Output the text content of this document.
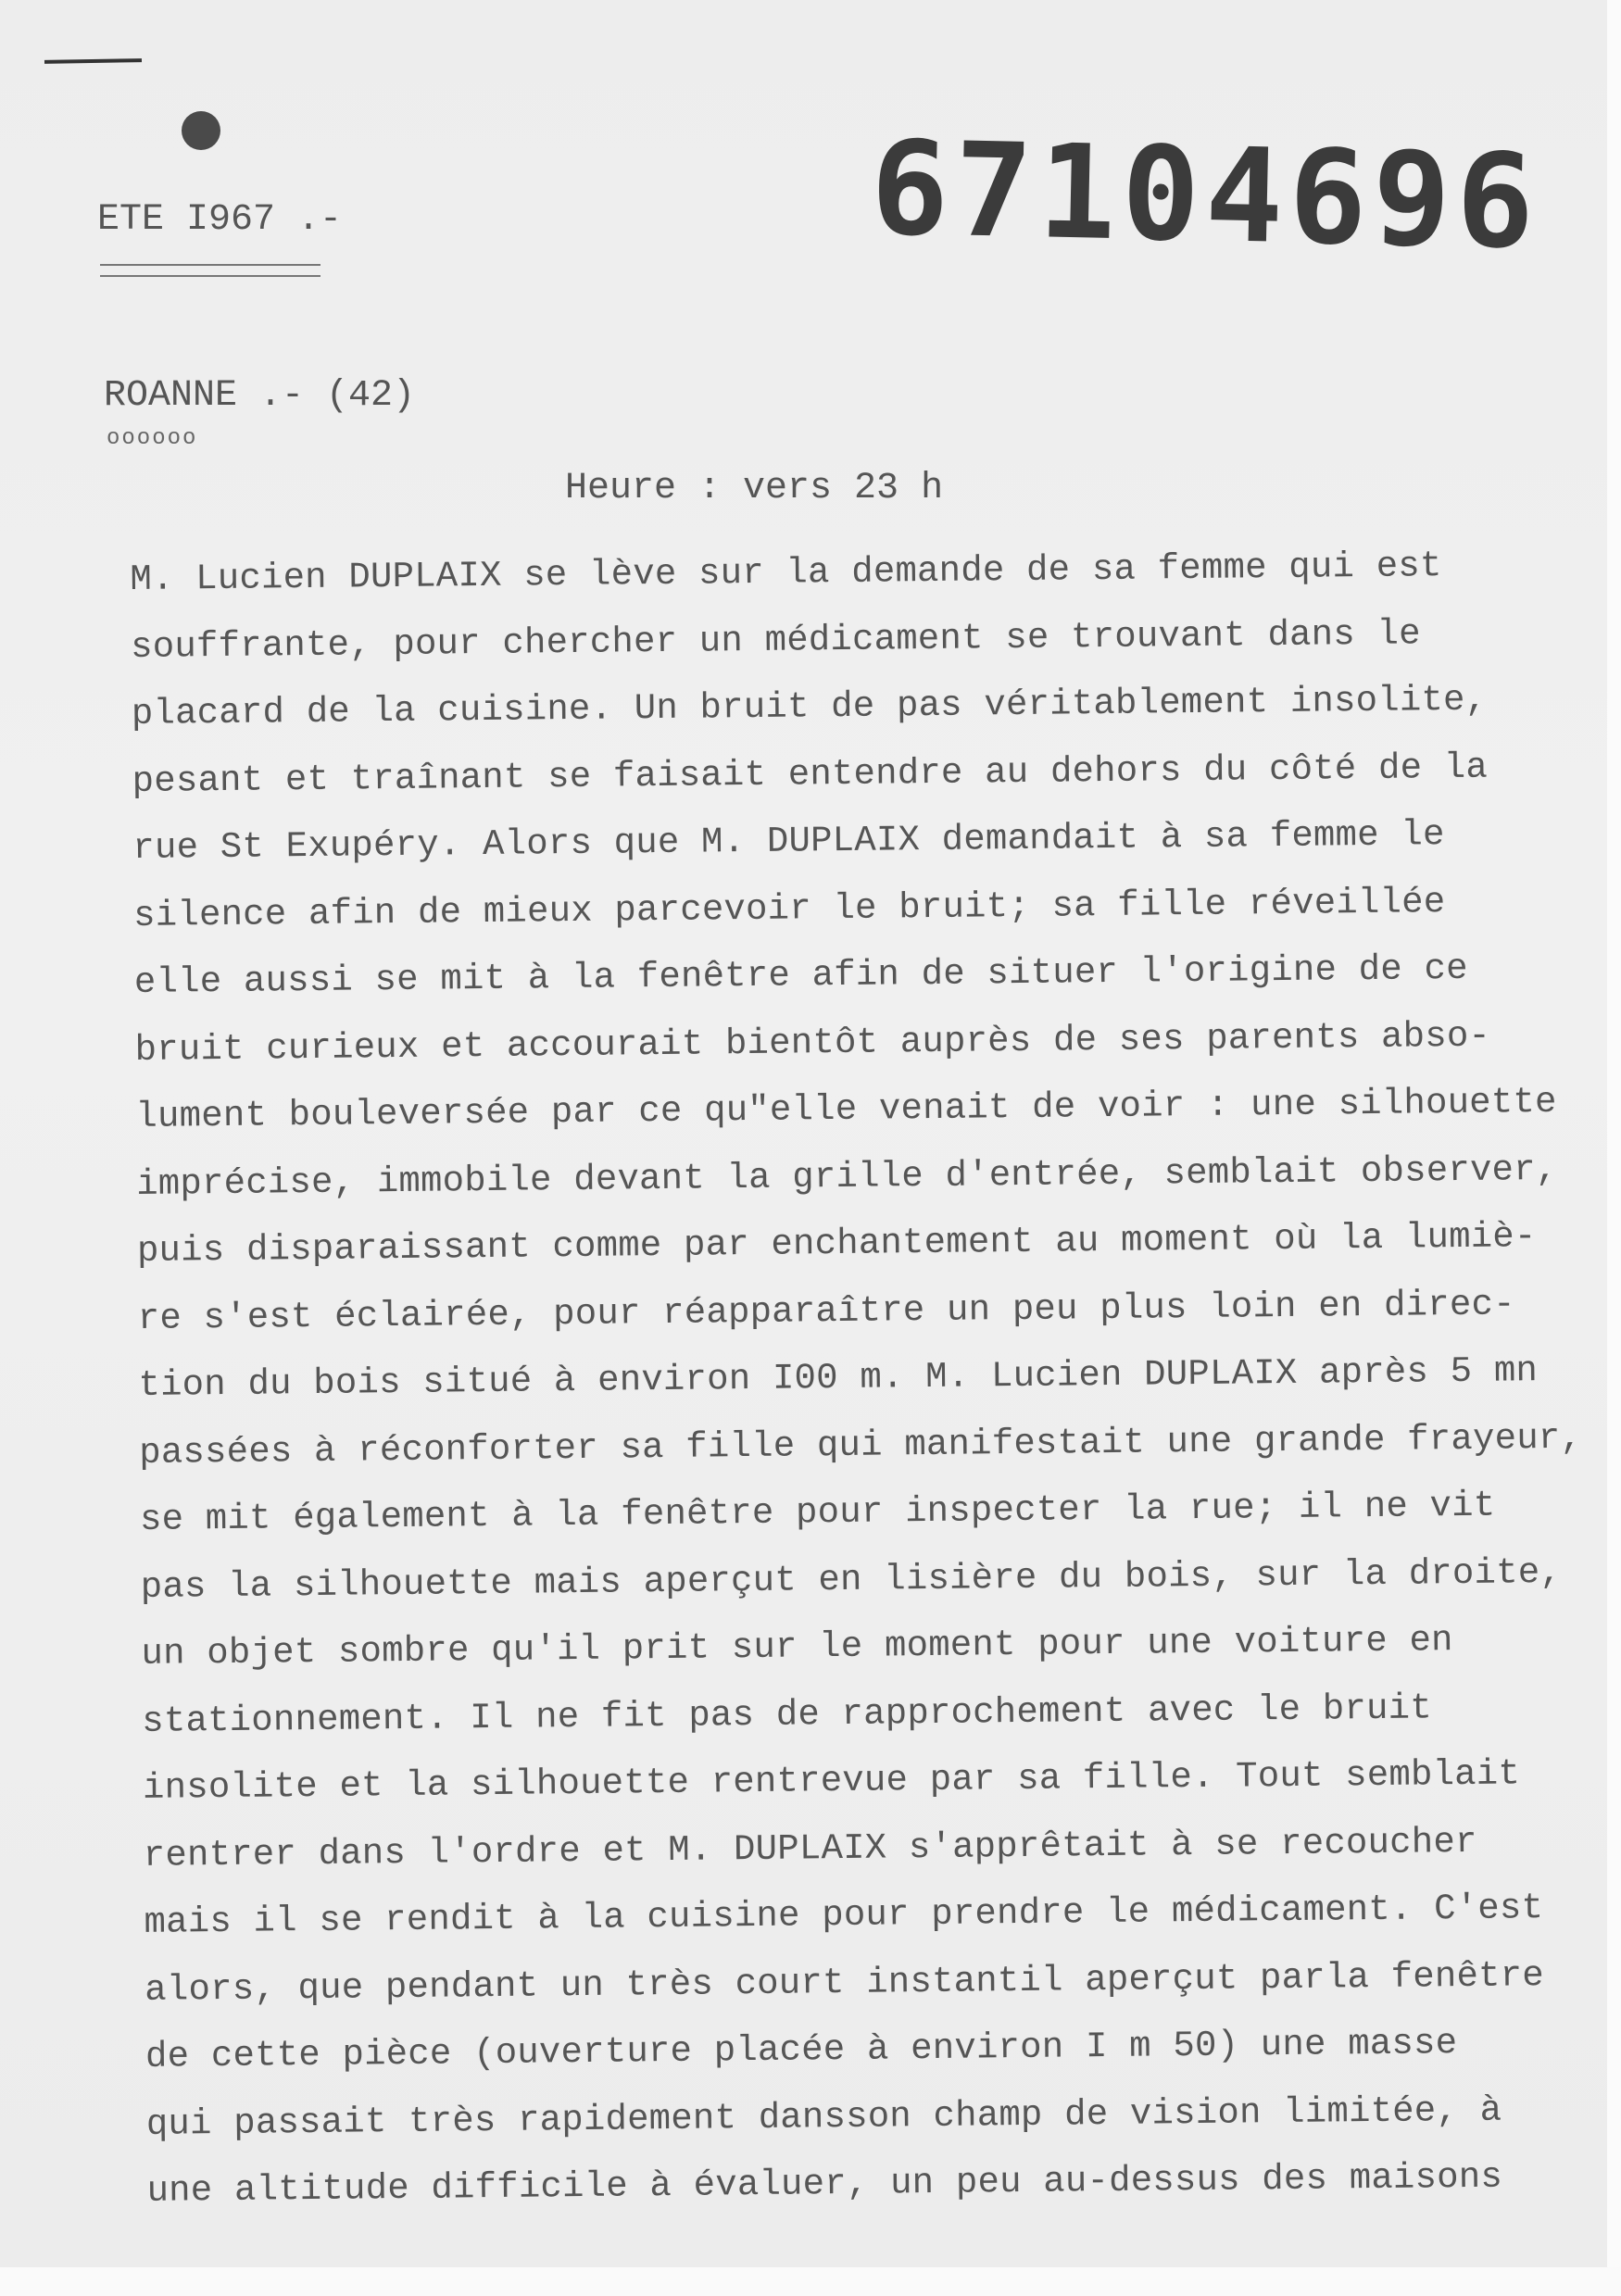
67104696
ETE I967 .-
ROANNE .- (42)
oooooo
Heure : vers 23 h
M. Lucien DUPLAIX se lève sur la demande de sa femme qui est
souffrante, pour chercher un médicament se trouvant dans le
placard de la cuisine. Un bruit de pas véritablement insolite,
pesant et traînant se faisait entendre au dehors du côté de la
rue St Exupéry. Alors que M. DUPLAIX demandait à sa femme le
silence afin de mieux parcevoir le bruit; sa fille réveillée
elle aussi se mit à la fenêtre afin de situer l'origine de ce
bruit curieux et accourait bientôt auprès de ses parents abso-
lument bouleversée par ce qu"elle venait de voir : une silhouette
imprécise, immobile devant la grille d'entrée, semblait observer,
puis disparaissant comme par enchantement au moment où la lumiè-
re s'est éclairée, pour réapparaître un peu plus loin en direc-
tion du bois situé à environ I00 m. M. Lucien DUPLAIX après 5 mn
passées à réconforter sa fille qui manifestait une grande frayeur,
se mit également à la fenêtre pour inspecter la rue; il ne vit
pas la silhouette mais aperçut en lisière du bois, sur la droite,
un objet sombre qu'il prit sur le moment pour une voiture en
stationnement. Il ne fit pas de rapprochement avec le bruit
insolite et la silhouette rentrevue par sa fille. Tout semblait
rentrer dans l'ordre et M. DUPLAIX s'apprêtait à se recoucher
mais il se rendit à la cuisine pour prendre le médicament. C'est
alors, que pendant un très court instantil aperçut parla fenêtre
de cette pièce (ouverture placée à environ I m 50) une masse
qui passait très rapidement dansson champ de vision limitée, à
une altitude difficile à évaluer, un peu au-dessus des maisons
